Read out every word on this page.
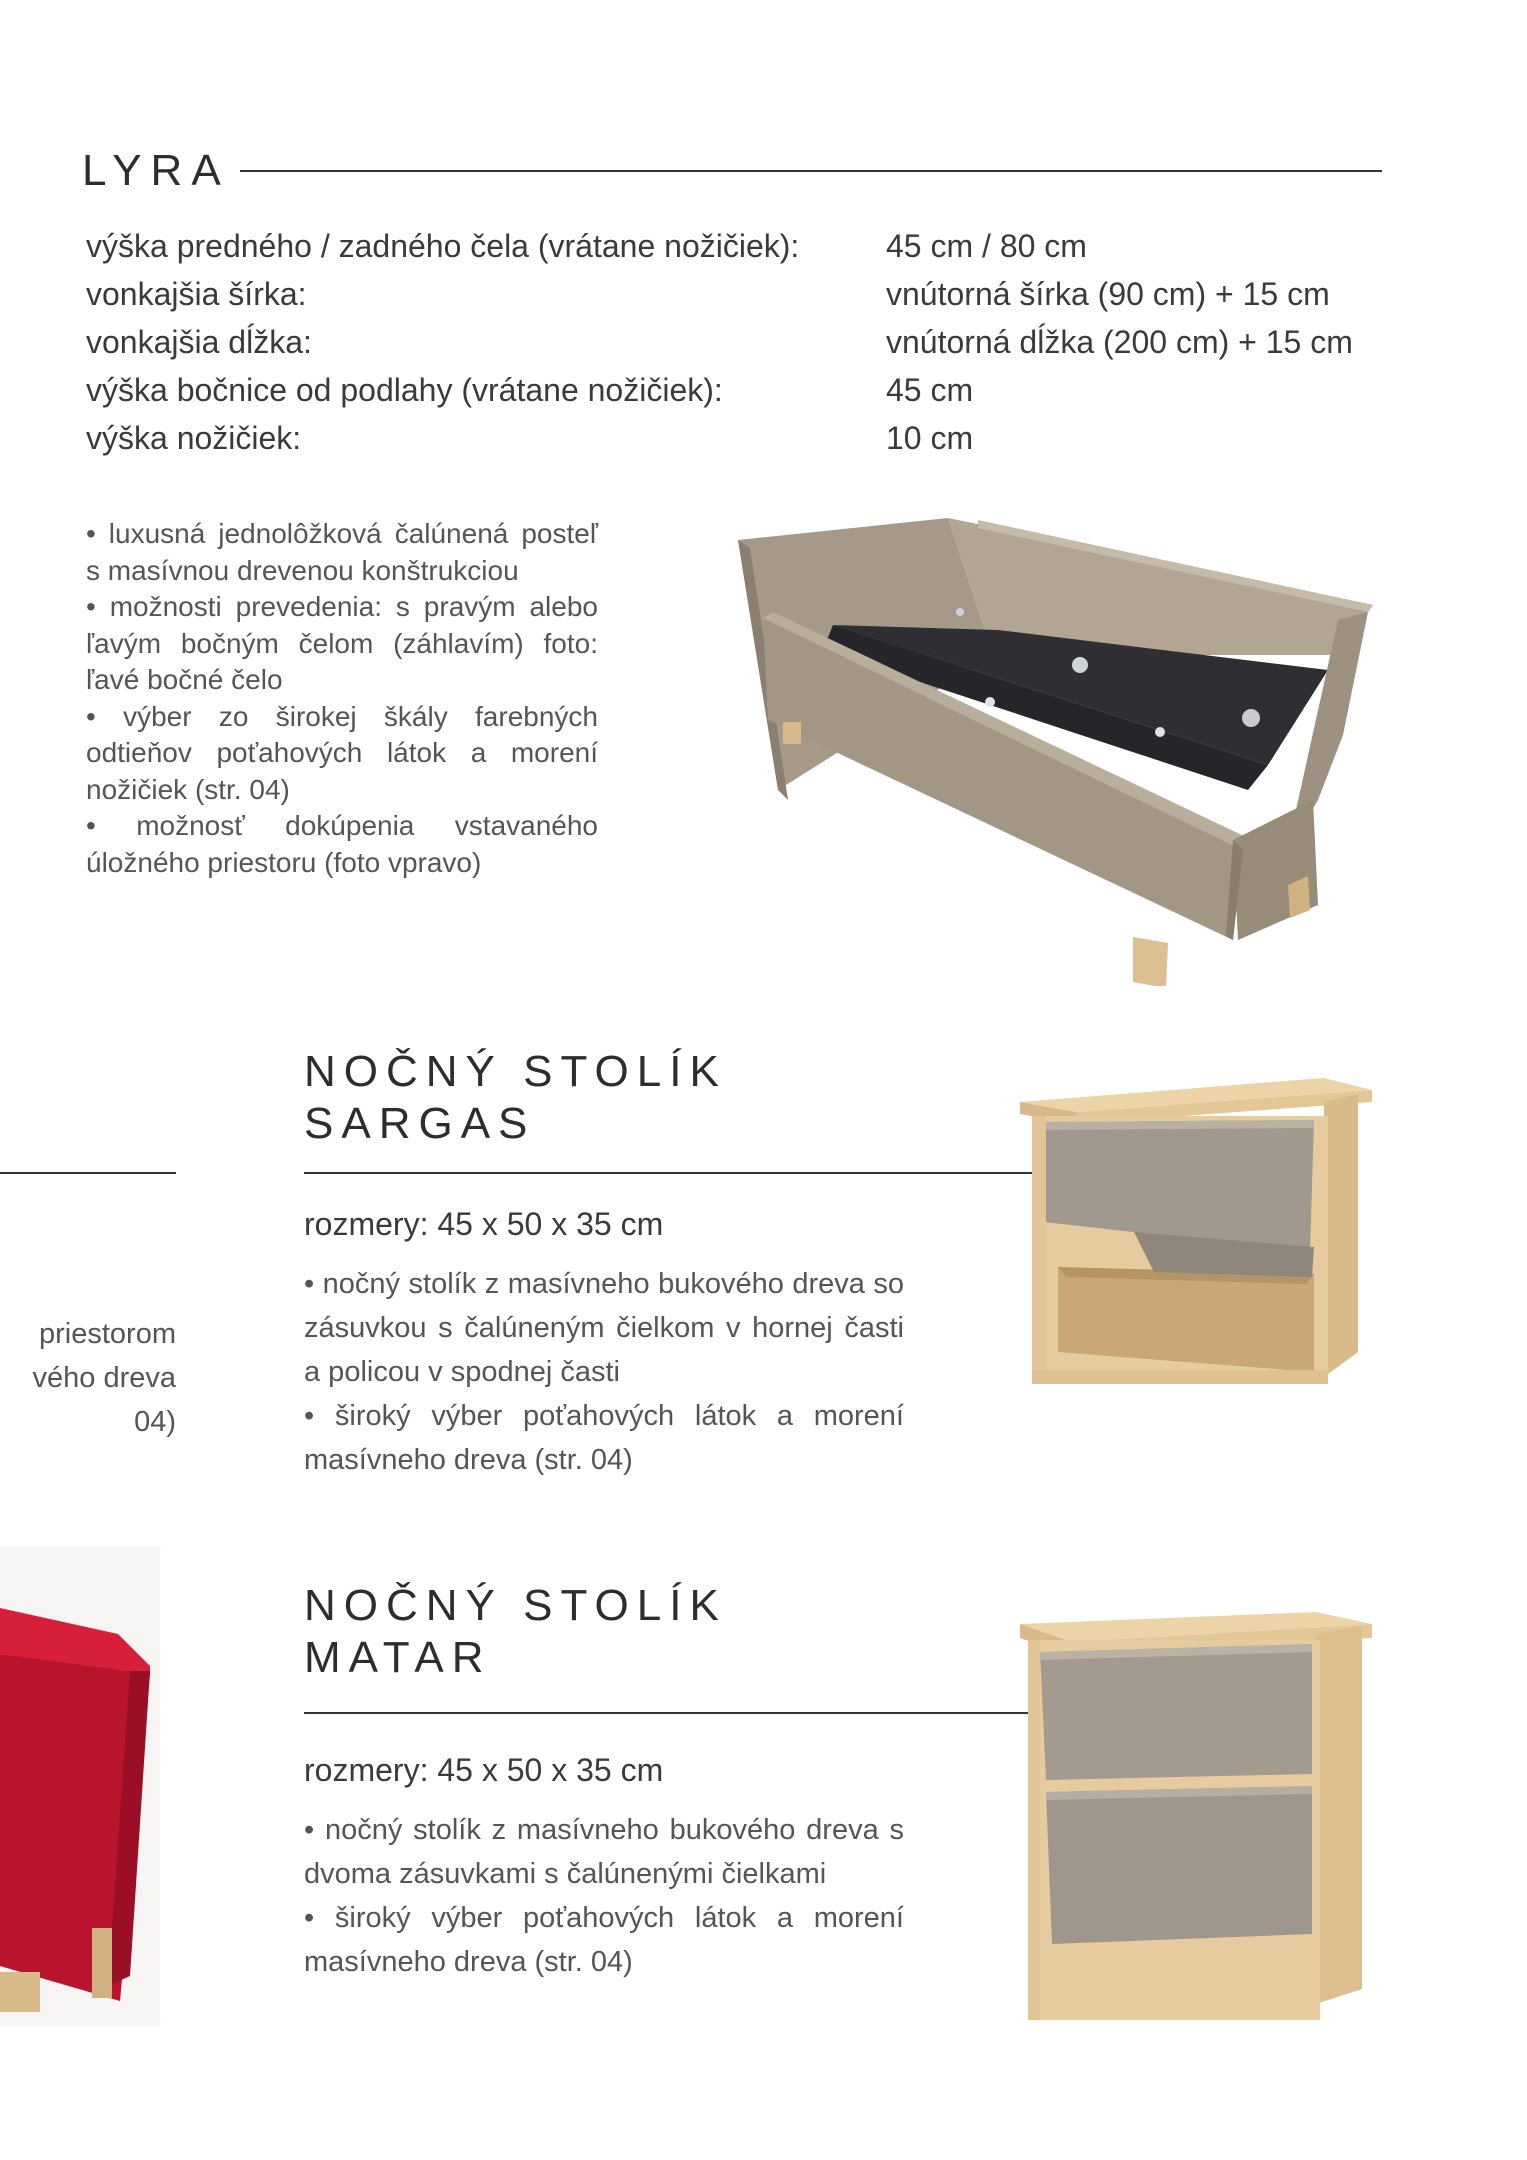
LYRA
výška predného / zadného čela (vrátane nožičiek):	45 cm / 80 cm
vonkajšia šírka:	vnútorná šírka (90 cm) + 15 cm
vonkajšia dĺžka:	vnútorná dĺžka (200 cm) + 15 cm
výška bočnice od podlahy (vrátane nožičiek):	45 cm
výška nožičiek:	10 cm

• luxusná jednolôžková čalúnená posteľ s masívnou drevenou konštrukciou

• možnosti prevedenia: s pravým alebo ľavým bočným čelom (záhlavím) foto: ľavé bočné čelo

• výber zo širokej škály farebných odtieňov poťahových látok a morení nožičiek (str. 04)

• možnosť dokúpenia vstavaného úložného priestoru (foto vpravo)

NOČNÝ STOLÍK
SARGAS
rozmery: 45 x 50 x 35 cm

• nočný stolík z masívneho bukového dreva so zásuvkou s čalúneným čielkom v hornej časti a policou v spodnej časti

• široký výber poťahových látok a morení masívneho dreva (str. 04)

priestorom
vého dreva
04)
NOČNÝ STOLÍK
MATAR
rozmery: 45 x 50 x 35 cm

• nočný stolík z masívneho bukového dreva s dvoma zásuvkami s čalúnenými čielkami

• široký výber poťahových látok a morení masívneho dreva (str. 04)
